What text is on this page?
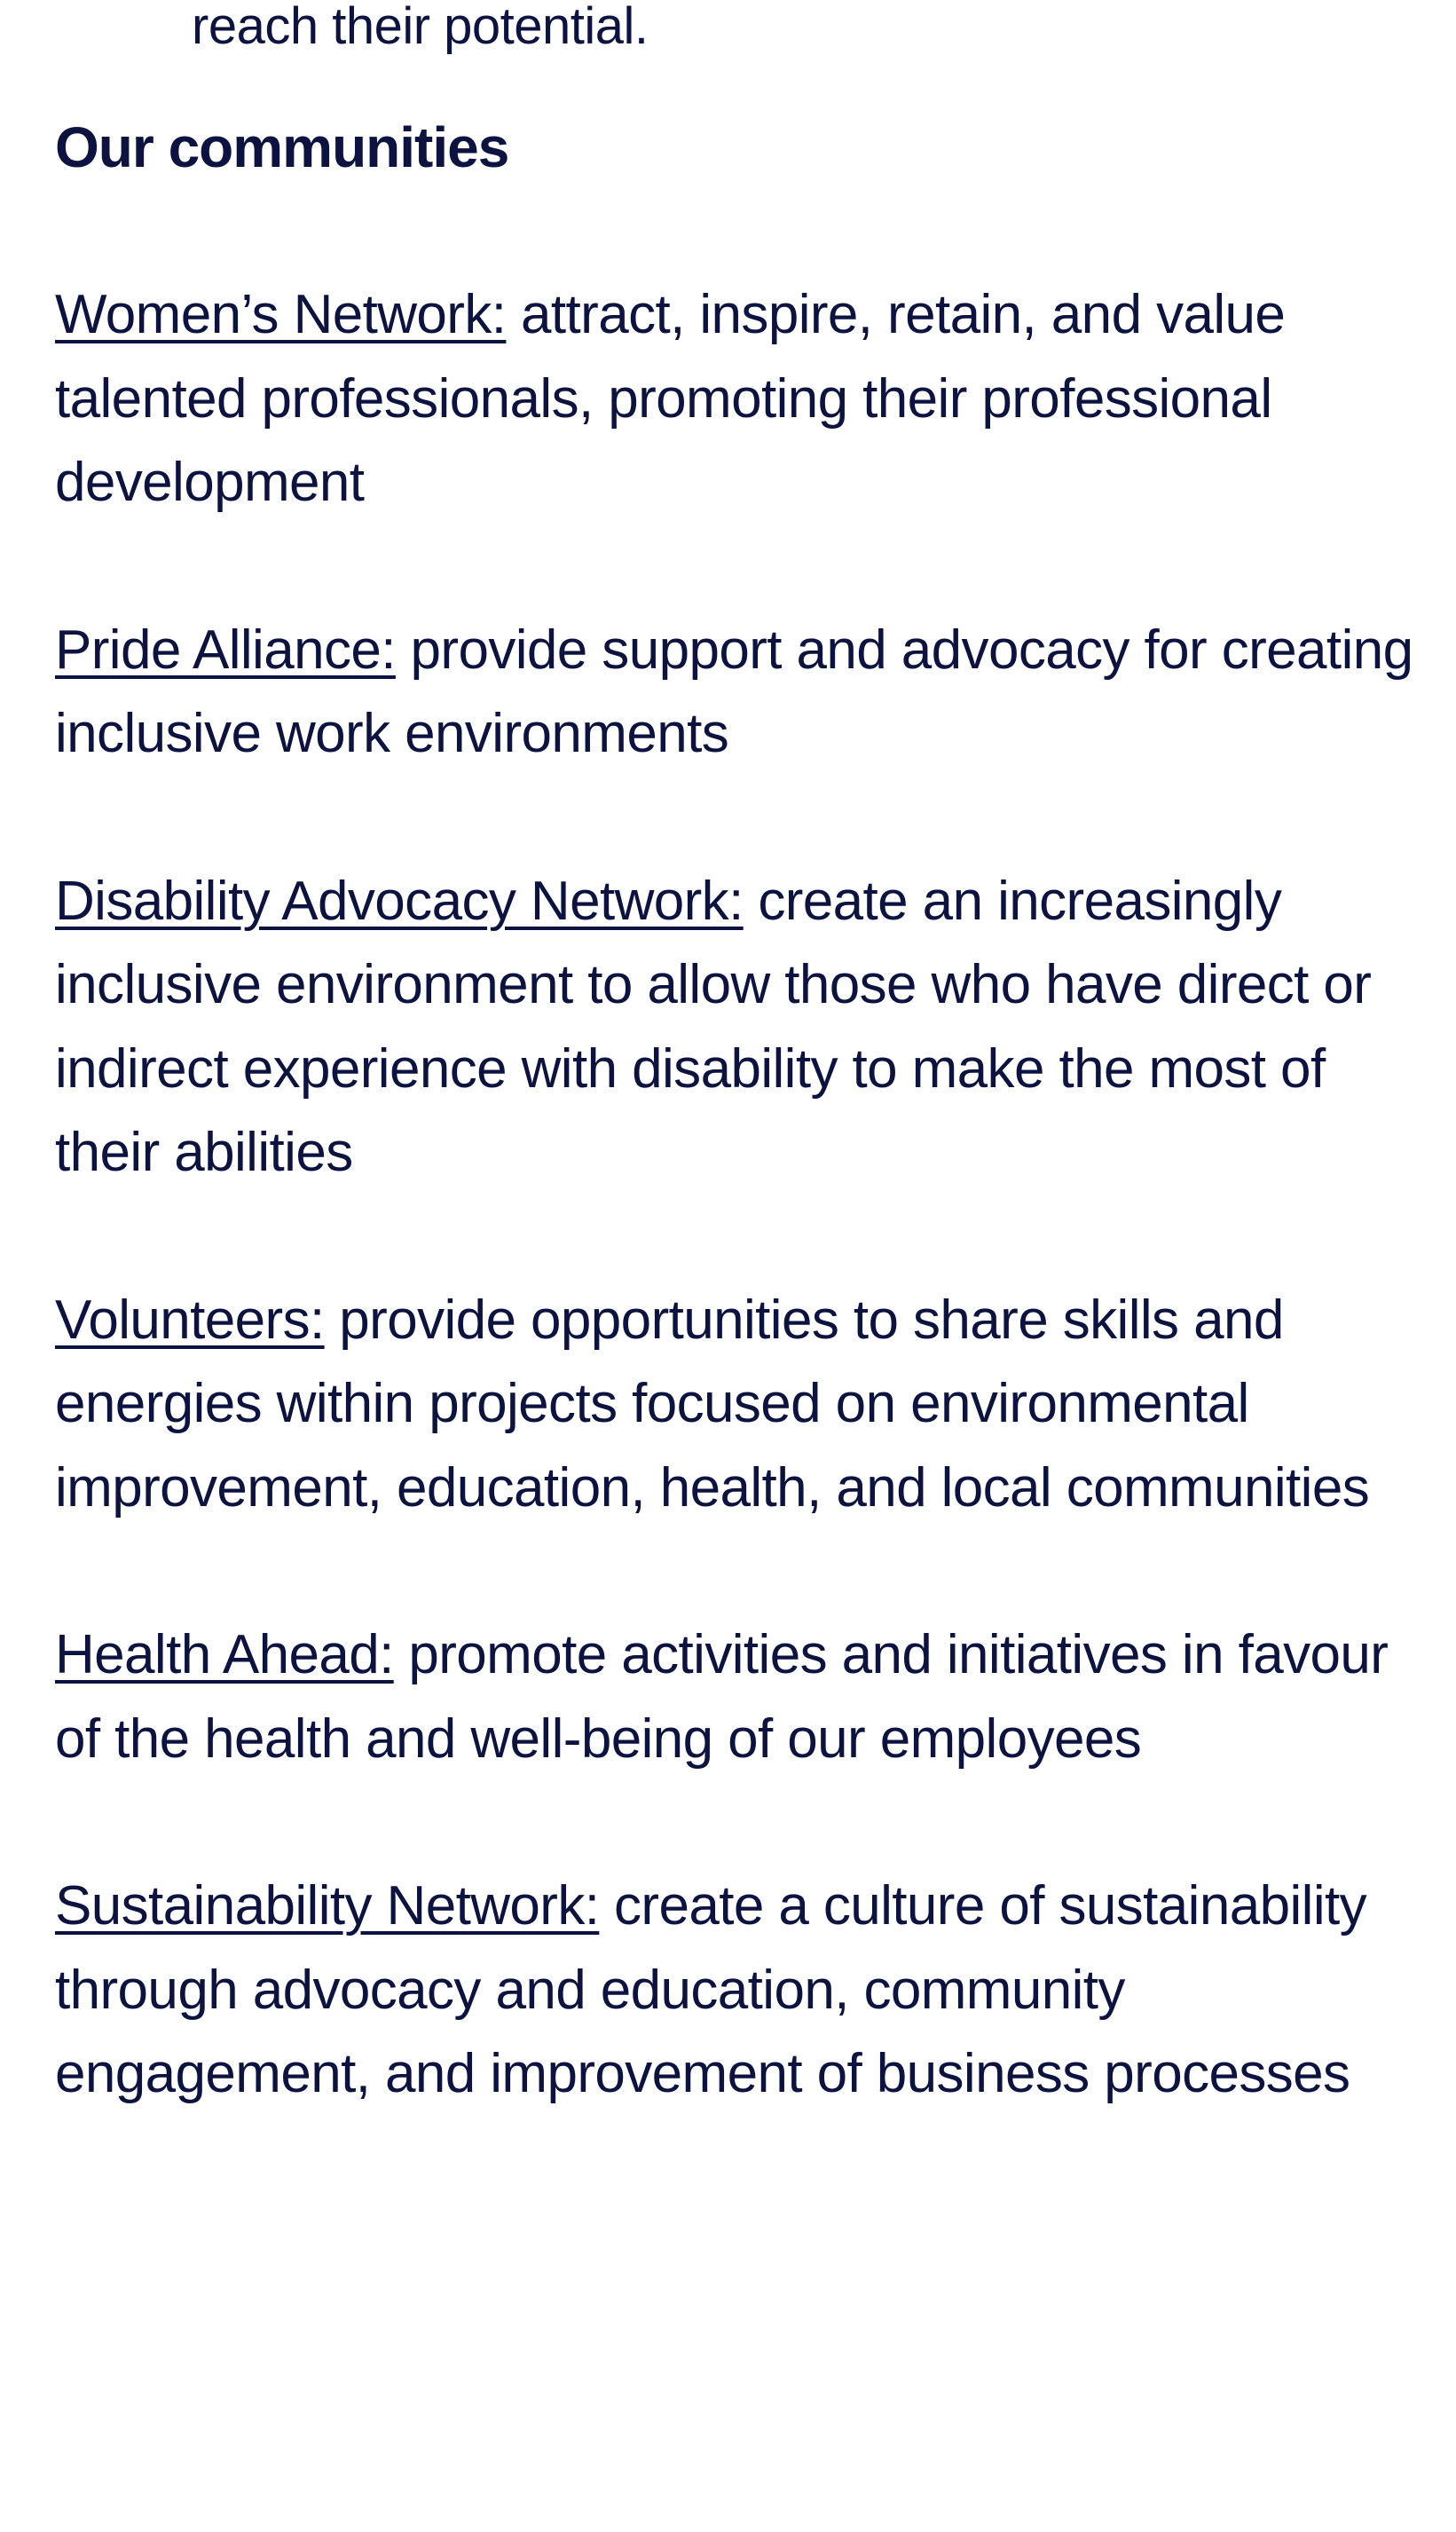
reach their potential.

Our communities
Women’s Network: attract, inspire, retain, and value talented professionals, promoting their professional development
Pride Alliance: provide support and advocacy for creating inclusive work environments
Disability Advocacy Network: create an increasingly inclusive environment to allow those who have direct or indirect experience with disability to make the most of their abilities
Volunteers: provide opportunities to share skills and energies within projects focused on environmental improvement, education, health, and local communities
Health Ahead: promote activities and initiatives in favour of the health and well-being of our employees
Sustainability Network: create a culture of sustainability through advocacy and education, community engagement, and improvement of business processes
